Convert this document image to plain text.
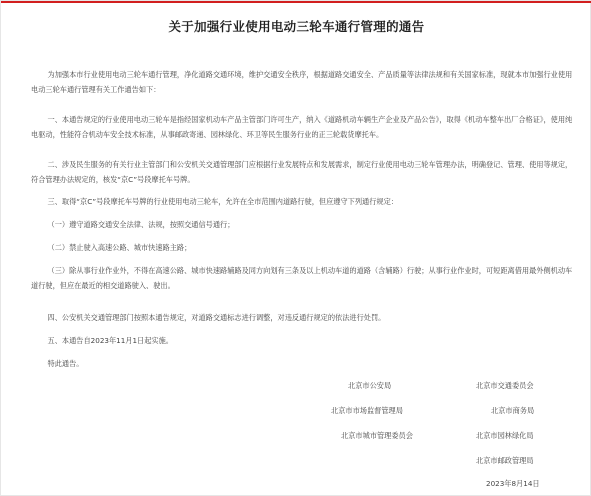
关于加强行业使用电动三轮车通行管理的通告

为加强本市行业使用电动三轮车通行管理，净化道路交通环境，维护交通安全秩序，根据道路交通安全、产品质量等法律法规和有关国家标准，现就本市加强行业使用电动三轮车通行管理有关工作通告如下：

一、本通告规定的行业使用电动三轮车是指经国家机动车产品主管部门许可生产，纳入《道路机动车辆生产企业及产品公告》，取得《机动车整车出厂合格证》，使用纯电驱动，性能符合机动车安全技术标准，从事邮政寄递、园林绿化、环卫等民生服务行业的正三轮载货摩托车。

二、涉及民生服务的有关行业主管部门和公安机关交通管理部门应根据行业发展特点和发展需求，制定行业使用电动三轮车管理办法，明确登记、管理、使用等规定，符合管理办法规定的，核发“京C”号段摩托车号牌。

三、取得“京C”号段摩托车号牌的行业使用电动三轮车，允许在全市范围内道路行驶，但应遵守下列通行规定：

（一）遵守道路交通安全法律、法规，按照交通信号通行；

（二）禁止驶入高速公路、城市快速路主路；

（三）除从事行业作业外，不得在高速公路、城市快速路辅路及同方向划有三条及以上机动车道的道路（含辅路）行驶；从事行业作业时，可短距离借用最外侧机动车道行驶，但应在最近的相交道路驶入、驶出。

四、公安机关交通管理部门按照本通告规定，对道路交通标志进行调整，对违反通行规定的依法进行处罚。

五、本通告自2023年11月1日起实施。

特此通告。

北京市公安局	北京市交通委员会
北京市市场监督管理局	北京市商务局
北京市城市管理委员会	北京市园林绿化局
北京市邮政管理局
2023年8月14日
